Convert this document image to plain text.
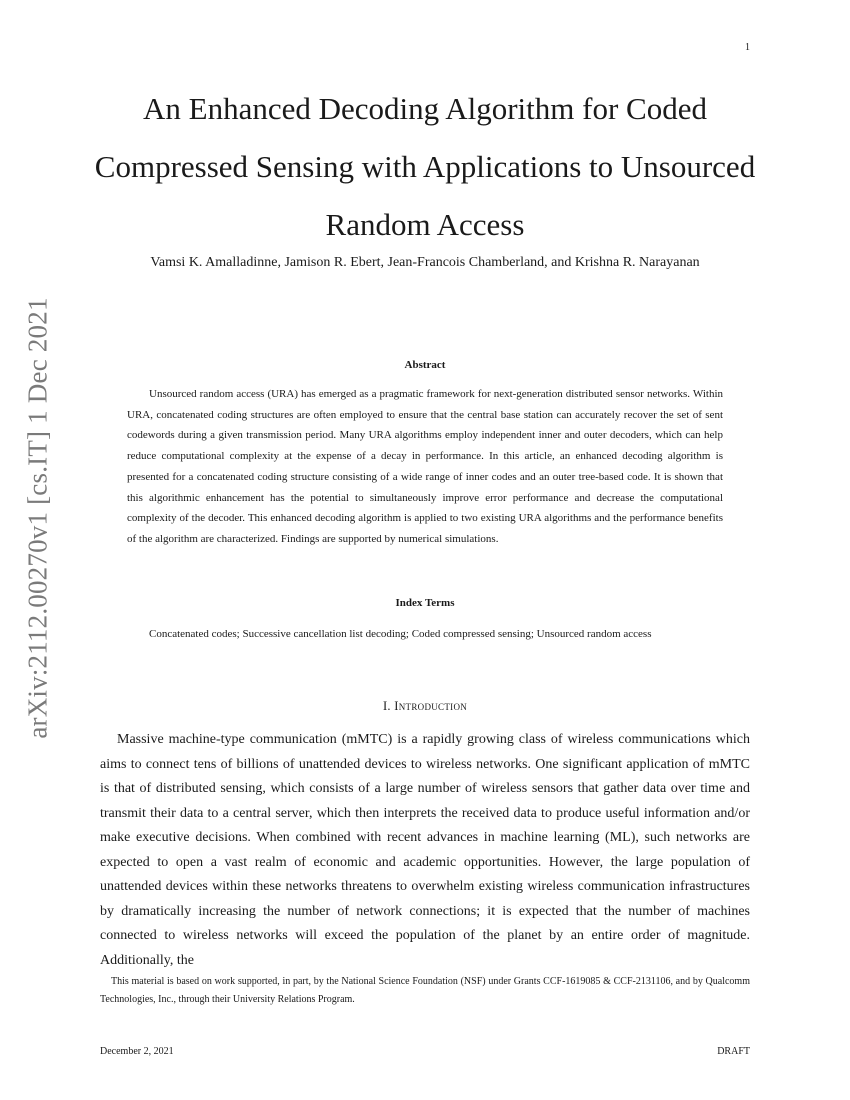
1
arXiv:2112.00270v1 [cs.IT] 1 Dec 2021
An Enhanced Decoding Algorithm for Coded Compressed Sensing with Applications to Unsourced Random Access
Vamsi K. Amalladinne, Jamison R. Ebert, Jean-Francois Chamberland, and Krishna R. Narayanan
Abstract

Unsourced random access (URA) has emerged as a pragmatic framework for next-generation distributed sensor networks. Within URA, concatenated coding structures are often employed to ensure that the central base station can accurately recover the set of sent codewords during a given transmission period. Many URA algorithms employ independent inner and outer decoders, which can help reduce computational complexity at the expense of a decay in performance. In this article, an enhanced decoding algorithm is presented for a concatenated coding structure consisting of a wide range of inner codes and an outer tree-based code. It is shown that this algorithmic enhancement has the potential to simultaneously improve error performance and decrease the computational complexity of the decoder. This enhanced decoding algorithm is applied to two existing URA algorithms and the performance benefits of the algorithm are characterized. Findings are supported by numerical simulations.

Index Terms
Concatenated codes; Successive cancellation list decoding; Coded compressed sensing; Unsourced random access
I. Introduction

Massive machine-type communication (mMTC) is a rapidly growing class of wireless communications which aims to connect tens of billions of unattended devices to wireless networks. One significant application of mMTC is that of distributed sensing, which consists of a large number of wireless sensors that gather data over time and transmit their data to a central server, which then interprets the received data to produce useful information and/or make executive decisions. When combined with recent advances in machine learning (ML), such networks are expected to open a vast realm of economic and academic opportunities. However, the large population of unattended devices within these networks threatens to overwhelm existing wireless communication infrastructures by dramatically increasing the number of network connections; it is expected that the number of machines connected to wireless networks will exceed the population of the planet by an entire order of magnitude. Additionally, the

This material is based on work supported, in part, by the National Science Foundation (NSF) under Grants CCF-1619085 & CCF-2131106, and by Qualcomm Technologies, Inc., through their University Relations Program.

December 2, 2021	DRAFT
